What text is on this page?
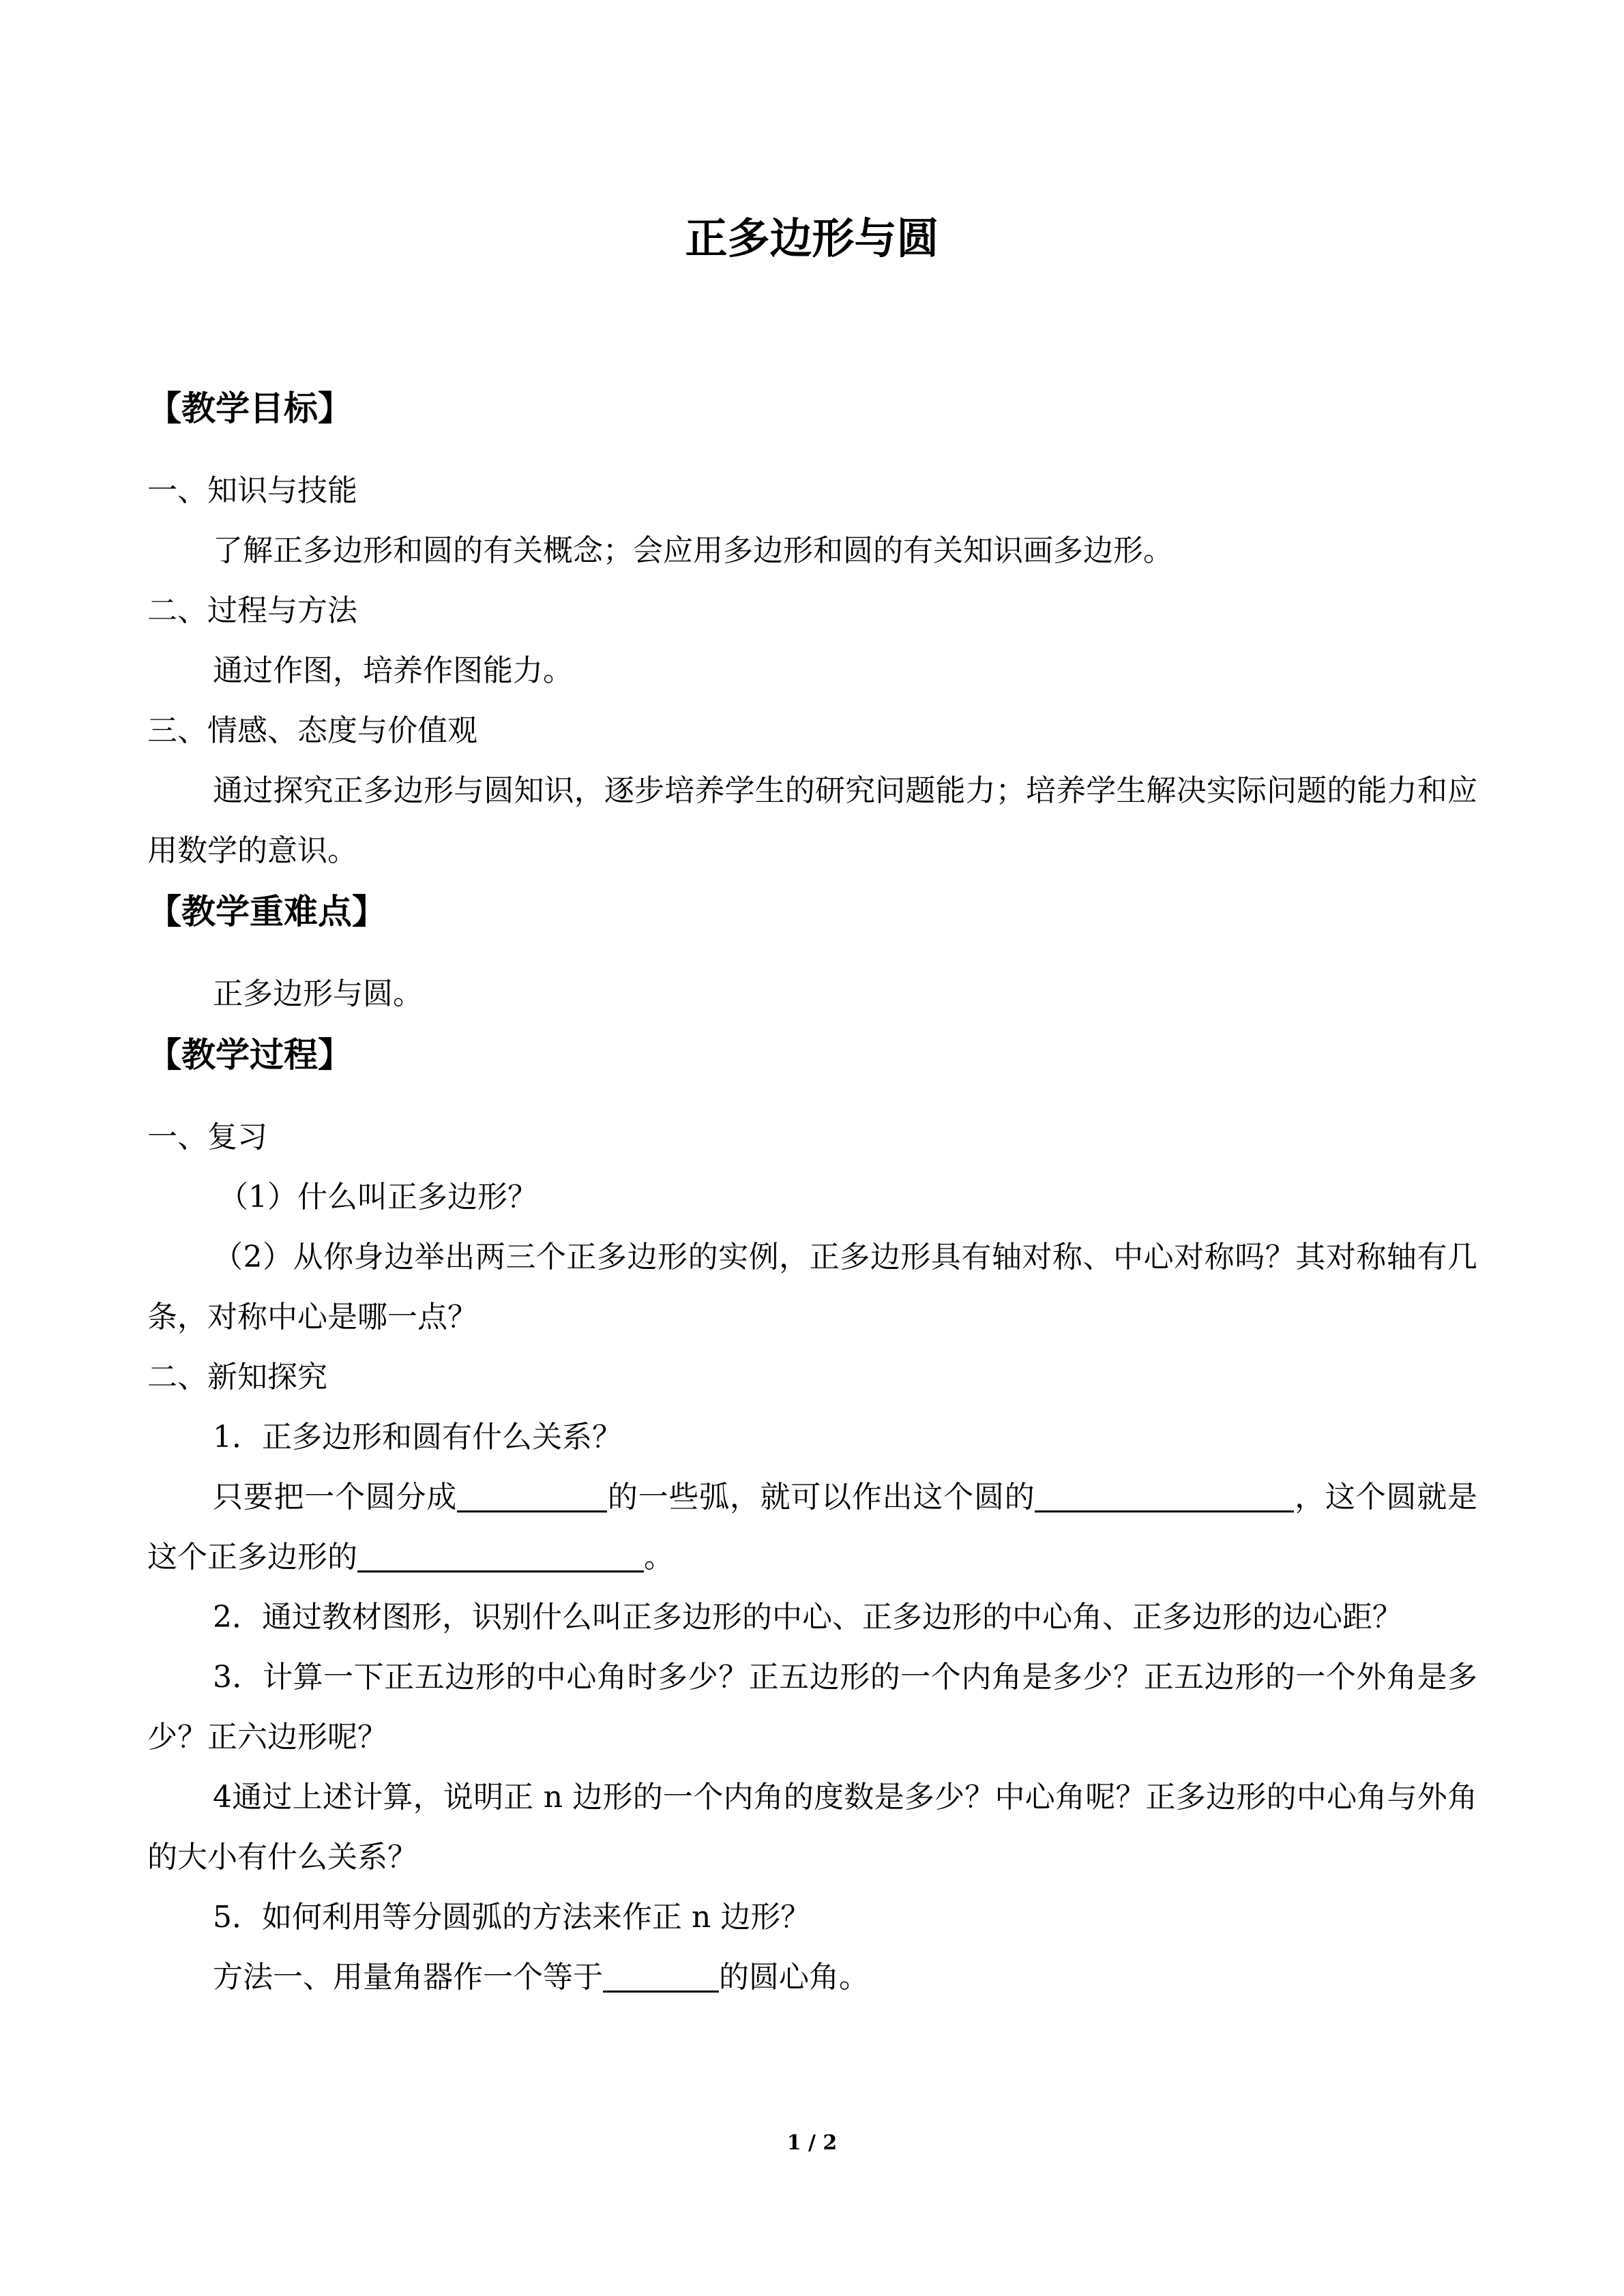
正多边形与圆
【教学目标】

一、知识与技能

了解正多边形和圆的有关概念；会应用多边形和圆的有关知识画多边形。

二、过程与方法

通过作图，培养作图能力。

三、情感、态度与价值观

通过探究正多边形与圆知识，逐步培养学生的研究问题能力；培养学生解决实际问题的能力和应用数学的意识。

【教学重难点】

正多边形与圆。

【教学过程】

一、复习

（1）什么叫正多边形？

（2）从你身边举出两三个正多边形的实例，正多边形具有轴对称、中心对称吗？其对称轴有几条，对称中心是哪一点？

二、新知探究

1．正多边形和圆有什么关系？

只要把一个圆分成	的一些弧，就可以作出这个圆的	，这个圆就是这个正多边形的	。

2．通过教材图形，识别什么叫正多边形的中心、正多边形的中心角、正多边形的边心距？

3．计算一下正五边形的中心角时多少？正五边形的一个内角是多少？正五边形的一个外角是多少？正六边形呢？

4通过上述计算，说明正 n 边形的一个内角的度数是多少？中心角呢？正多边形的中心角与外角的大小有什么关系？

5．如何利用等分圆弧的方法来作正 n 边形？

方法一、用量角器作一个等于	的圆心角。

1 / 2
